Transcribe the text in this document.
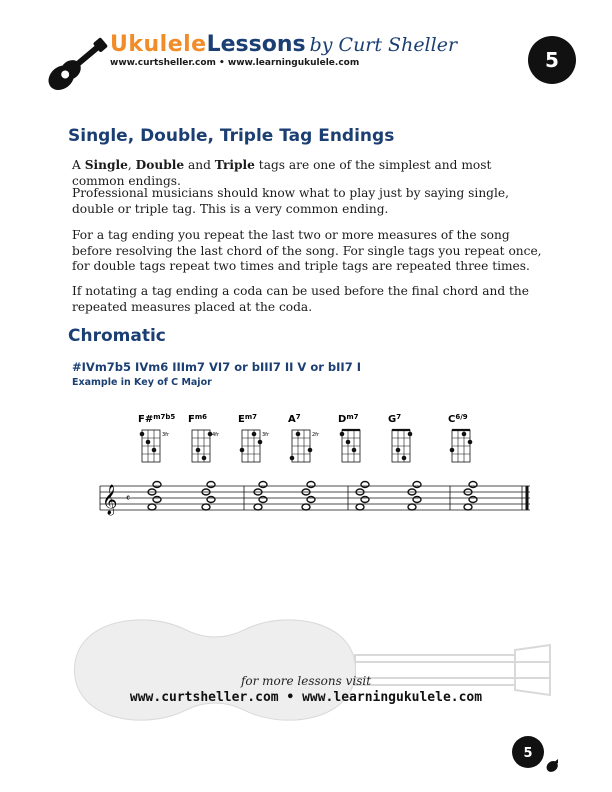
UkuleleLessons by Curt Sheller
www.curtsheller.com • www.learningukulele.com	5
Single, Double, Triple Tag Endings

A Single, Double and Triple tags are one of the simplest and most common endings.

Professional musicians should know what to play just by saying single, double or triple tag. This is a very common ending.

For a tag ending you repeat the last two or more measures of the song before resolving the last chord of the song. For single tags you repeat once, for double tags repeat two times and triple tags are repeated three times.

If notating a tag ending a coda can be used before the final chord and the repeated measures placed at the coda.

Chromatic
#IVm7b5 IVm6 IIIm7 VI7 or bIII7 II V or bII7 I
Example in Key of C Major
F#$^{m7b5}$
3fr
$F^{m6}$
4fr
$E^{m7}$
3fr
$A^7$
2fr
$D^{m7}$	$G^7$	$C^{6/9}$
𝄞 𝄴
for more lessons visit
www.curtsheller.com • www.learningukulele.com
5
